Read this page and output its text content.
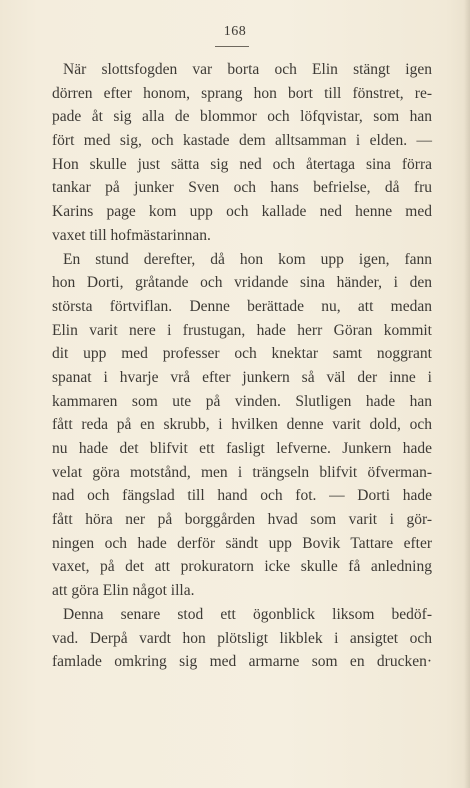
168
När slottsfogden var borta och Elin stängt igen
dörren efter honom, sprang hon bort till fönstret, re-
pade åt sig alla de blommor och löfqvistar, som han
fört med sig, och kastade dem alltsamman i elden. —
Hon skulle just sätta sig ned och återtaga sina förra
tankar på junker Sven och hans befrielse, då fru
Karins page kom upp och kallade ned henne med
vaxet till hofmästarinnan.
En stund derefter, då hon kom upp igen, fann
hon Dorti, gråtande och vridande sina händer, i den
största förtviflan. Denne berättade nu, att medan
Elin varit nere i frustugan, hade herr Göran kommit
dit upp med professer och knektar samt noggrant
spanat i hvarje vrå efter junkern så väl der inne i
kammaren som ute på vinden. Slutligen hade han
fått reda på en skrubb, i hvilken denne varit dold, och
nu hade det blifvit ett fasligt lefverne. Junkern hade
velat göra motstånd, men i trängseln blifvit öfverman-
nad och fängslad till hand och fot. — Dorti hade
fått höra ner på borggården hvad som varit i gör-
ningen och hade derför sändt upp Bovik Tattare efter
vaxet, på det att prokuratorn icke skulle få anledning
att göra Elin något illa.
Denna senare stod ett ögonblick liksom bedöf-
vad. Derpå vardt hon plötsligt likblek i ansigtet och
famlade omkring sig med armarne som en drucken·
